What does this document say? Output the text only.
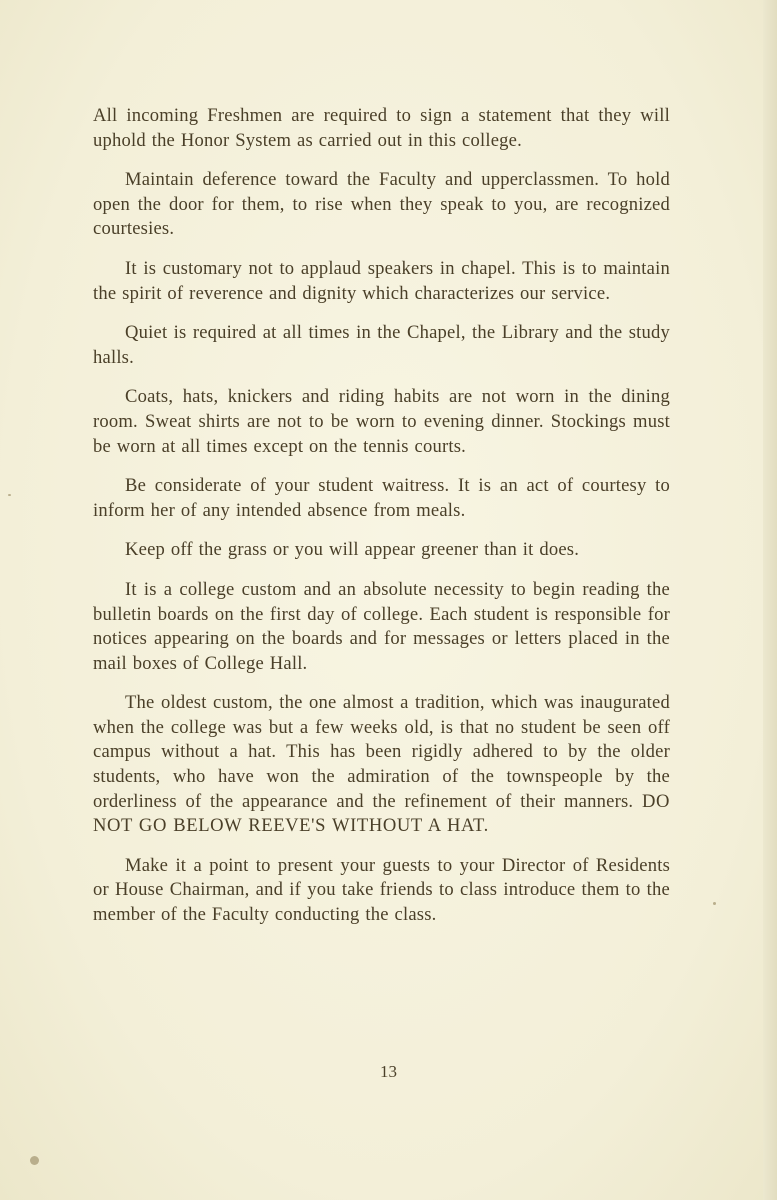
All incoming Freshmen are required to sign a statement that they will uphold the Honor System as carried out in this college.

Maintain deference toward the Faculty and upperclassmen. To hold open the door for them, to rise when they speak to you, are recognized courtesies.

It is customary not to applaud speakers in chapel. This is to maintain the spirit of reverence and dignity which characterizes our service.

Quiet is required at all times in the Chapel, the Library and the study halls.

Coats, hats, knickers and riding habits are not worn in the dining room. Sweat shirts are not to be worn to evening dinner. Stockings must be worn at all times except on the tennis courts.

Be considerate of your student waitress. It is an act of courtesy to inform her of any intended absence from meals.

Keep off the grass or you will appear greener than it does.

It is a college custom and an absolute necessity to begin reading the bulletin boards on the first day of college. Each student is responsible for notices appearing on the boards and for messages or letters placed in the mail boxes of College Hall.

The oldest custom, the one almost a tradition, which was inaugurated when the college was but a few weeks old, is that no student be seen off campus without a hat. This has been rigidly adhered to by the older students, who have won the admiration of the townspeople by the orderliness of the appearance and the refinement of their manners. DO NOT GO BELOW REEVE'S WITHOUT A HAT.

Make it a point to present your guests to your Director of Residents or House Chairman, and if you take friends to class introduce them to the member of the Faculty conducting the class.

13
